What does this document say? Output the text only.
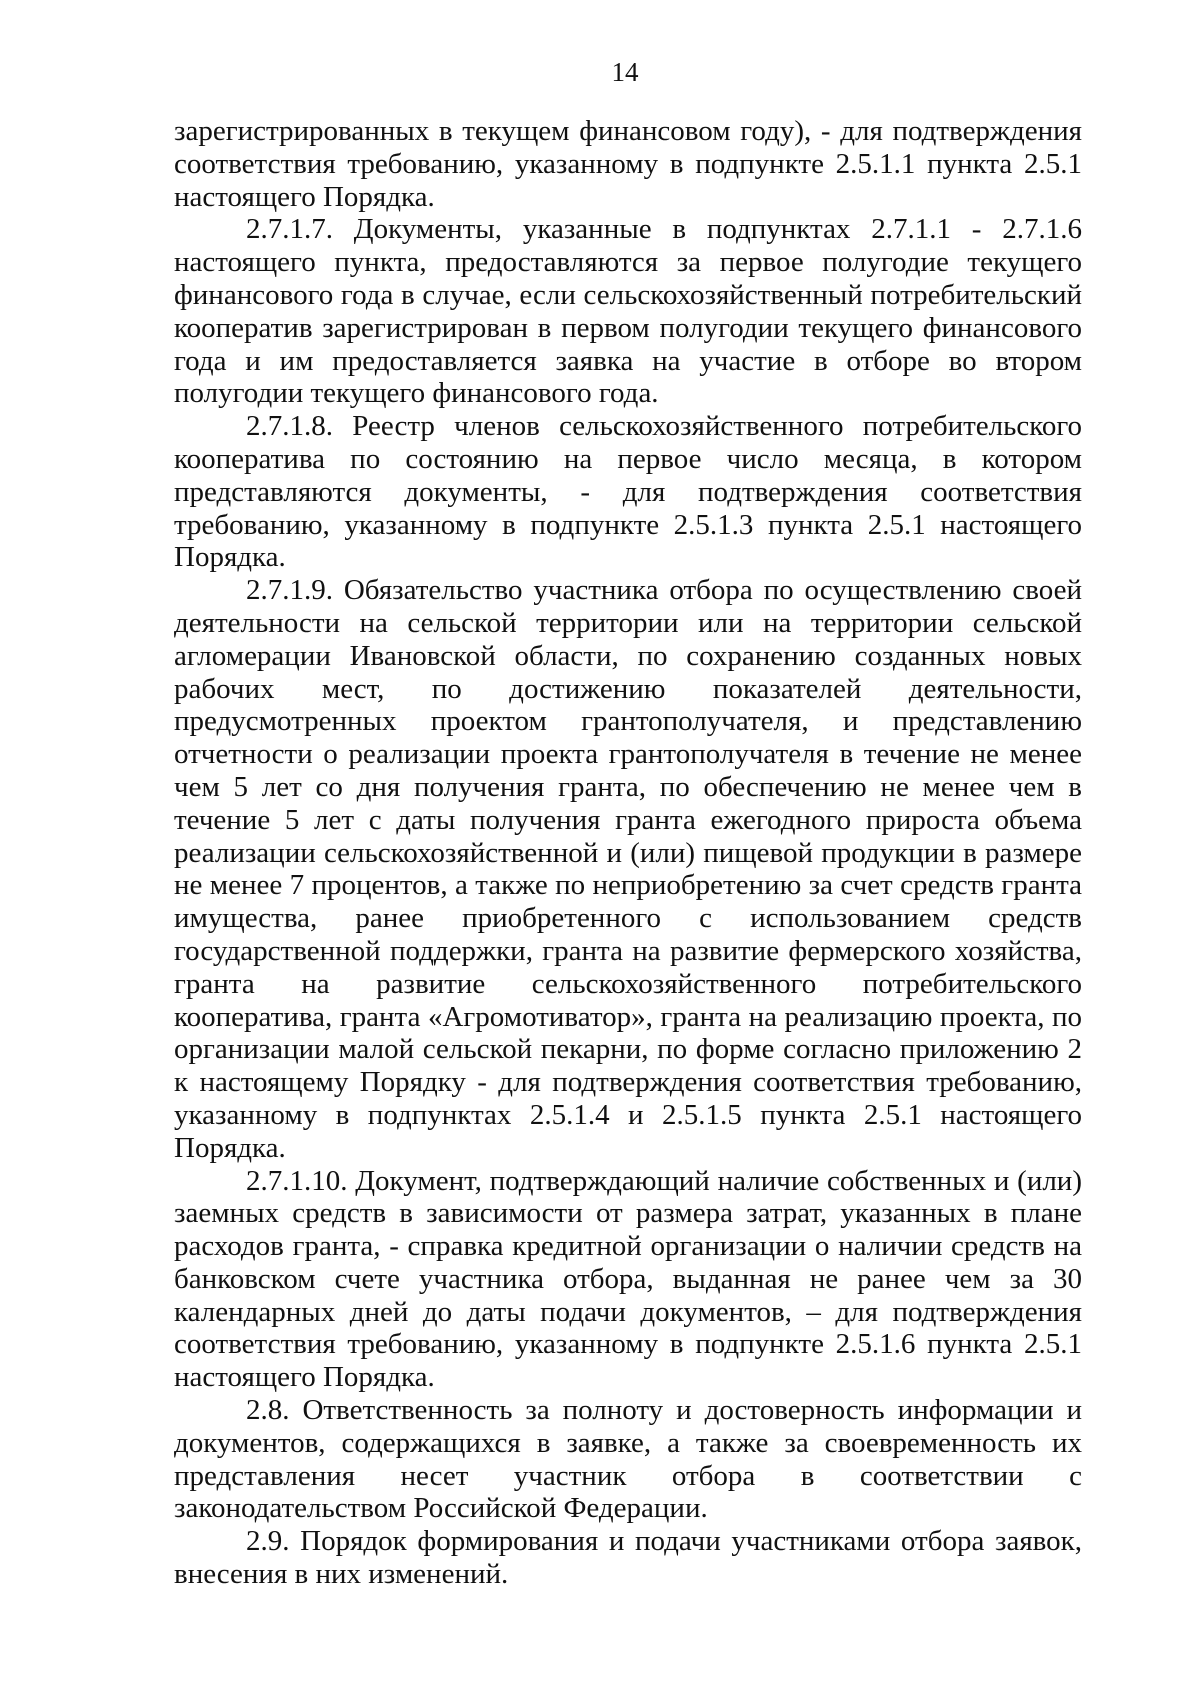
14

зарегистрированных в текущем финансовом году), - для подтверждения соответствия требованию, указанному в подпункте 2.5.1.1 пункта 2.5.1 настоящего Порядка.

2.7.1.7. Документы, указанные в подпунктах 2.7.1.1 - 2.7.1.6 настоящего пункта, предоставляются за первое полугодие текущего финансового года в случае, если сельскохозяйственный потребительский кооператив зарегистрирован в первом полугодии текущего финансового года и им предоставляется заявка на участие в отборе во втором полугодии текущего финансового года.

2.7.1.8. Реестр членов сельскохозяйственного потребительского кооператива по состоянию на первое число месяца, в котором представляются документы, - для подтверждения соответствия требованию, указанному в подпункте 2.5.1.3 пункта 2.5.1 настоящего Порядка.

2.7.1.9. Обязательство участника отбора по осуществлению своей деятельности на сельской территории или на территории сельской агломерации Ивановской области, по сохранению созданных новых рабочих мест, по достижению показателей деятельности, предусмотренных проектом грантополучателя, и представлению отчетности о реализации проекта грантополучателя в течение не менее чем 5 лет со дня получения гранта, по обеспечению не менее чем в течение 5 лет с даты получения гранта ежегодного прироста объема реализации сельскохозяйственной и (или) пищевой продукции в размере не менее 7 процентов, а также по неприобретению за счет средств гранта имущества, ранее приобретенного с использованием средств государственной поддержки, гранта на развитие фермерского хозяйства, гранта на развитие сельскохозяйственного потребительского кооператива, гранта «Агромотиватор», гранта на реализацию проекта, по организации малой сельской пекарни, по форме согласно приложению 2 к настоящему Порядку - для подтверждения соответствия требованию, указанному в подпунктах 2.5.1.4 и 2.5.1.5 пункта 2.5.1 настоящего Порядка.

2.7.1.10. Документ, подтверждающий наличие собственных и (или) заемных средств в зависимости от размера затрат, указанных в плане расходов гранта, - справка кредитной организации о наличии средств на банковском счете участника отбора, выданная не ранее чем за 30 календарных дней до даты подачи документов, – для подтверждения соответствия требованию, указанному в подпункте 2.5.1.6 пункта 2.5.1 настоящего Порядка.

2.8. Ответственность за полноту и достоверность информации и документов, содержащихся в заявке, а также за своевременность их представления несет участник отбора в соответствии с законодательством Российской Федерации.

2.9. Порядок формирования и подачи участниками отбора заявок, внесения в них изменений.
